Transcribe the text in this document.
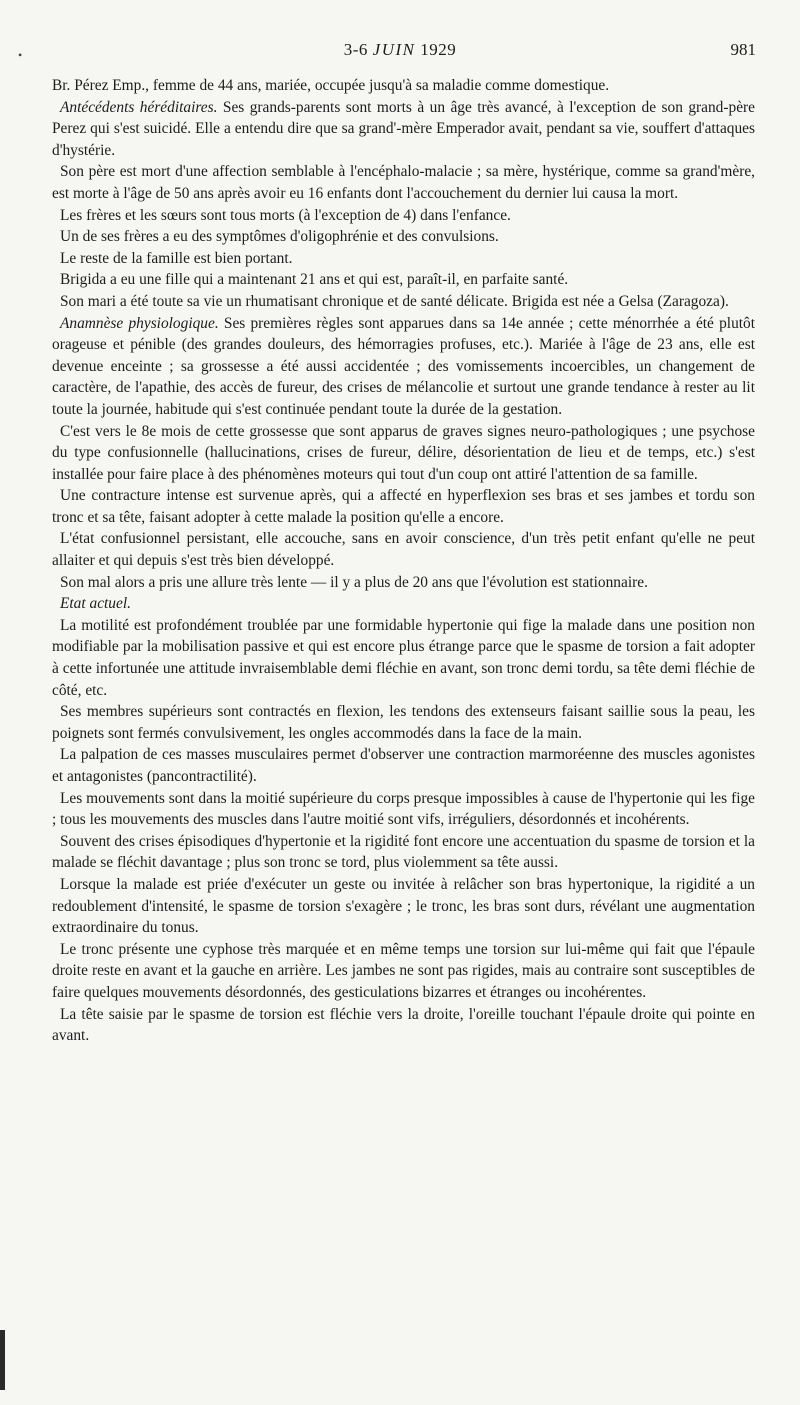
•	3-6 JUIN 1929	981

Br. Pérez Emp., femme de 44 ans, mariée, occupée jusqu'à sa maladie comme domestique.

Antécédents héréditaires. Ses grands-parents sont morts à un âge très avancé, à l'exception de son grand-père Perez qui s'est suicidé. Elle a entendu dire que sa grand'-mère Emperador avait, pendant sa vie, souffert d'attaques d'hystérie.

Son père est mort d'une affection semblable à l'encéphalo-malacie ; sa mère, hystérique, comme sa grand'mère, est morte à l'âge de 50 ans après avoir eu 16 enfants dont l'accouchement du dernier lui causa la mort.

Les frères et les sœurs sont tous morts (à l'exception de 4) dans l'enfance.

Un de ses frères a eu des symptômes d'oligophrénie et des convulsions.

Le reste de la famille est bien portant.

Brigida a eu une fille qui a maintenant 21 ans et qui est, paraît-il, en parfaite santé.

Son mari a été toute sa vie un rhumatisant chronique et de santé délicate. Brigida est née a Gelsa (Zaragoza).

Anamnèse physiologique. Ses premières règles sont apparues dans sa 14e année ; cette ménorrhée a été plutôt orageuse et pénible (des grandes douleurs, des hémorragies profuses, etc.). Mariée à l'âge de 23 ans, elle est devenue enceinte ; sa grossesse a été aussi accidentée ; des vomissements incoercibles, un changement de caractère, de l'apathie, des accès de fureur, des crises de mélancolie et surtout une grande tendance à rester au lit toute la journée, habitude qui s'est continuée pendant toute la durée de la gestation.

C'est vers le 8e mois de cette grossesse que sont apparus de graves signes neuro-pathologiques ; une psychose du type confusionnelle (hallucinations, crises de fureur, délire, désorientation de lieu et de temps, etc.) s'est installée pour faire place à des phénomènes moteurs qui tout d'un coup ont attiré l'attention de sa famille.

Une contracture intense est survenue après, qui a affecté en hyperflexion ses bras et ses jambes et tordu son tronc et sa tête, faisant adopter à cette malade la position qu'elle a encore.

L'état confusionnel persistant, elle accouche, sans en avoir conscience, d'un très petit enfant qu'elle ne peut allaiter et qui depuis s'est très bien développé.

Son mal alors a pris une allure très lente — il y a plus de 20 ans que l'évolution est stationnaire.

Etat actuel.

La motilité est profondément troublée par une formidable hypertonie qui fige la malade dans une position non modifiable par la mobilisation passive et qui est encore plus étrange parce que le spasme de torsion a fait adopter à cette infortunée une attitude invraisemblable demi fléchie en avant, son tronc demi tordu, sa tête demi fléchie de côté, etc.

Ses membres supérieurs sont contractés en flexion, les tendons des extenseurs faisant saillie sous la peau, les poignets sont fermés convulsivement, les ongles accommodés dans la face de la main.

La palpation de ces masses musculaires permet d'observer une contraction marmoréenne des muscles agonistes et antagonistes (pancontractilité).

Les mouvements sont dans la moitié supérieure du corps presque impossibles à cause de l'hypertonie qui les fige ; tous les mouvements des muscles dans l'autre moitié sont vifs, irréguliers, désordonnés et incohérents.

Souvent des crises épisodiques d'hypertonie et la rigidité font encore une accentuation du spasme de torsion et la malade se fléchit davantage ; plus son tronc se tord, plus violemment sa tête aussi.

Lorsque la malade est priée d'exécuter un geste ou invitée à relâcher son bras hypertonique, la rigidité a un redoublement d'intensité, le spasme de torsion s'exagère ; le tronc, les bras sont durs, révélant une augmentation extraordinaire du tonus.

Le tronc présente une cyphose très marquée et en même temps une torsion sur lui-même qui fait que l'épaule droite reste en avant et la gauche en arrière. Les jambes ne sont pas rigides, mais au contraire sont susceptibles de faire quelques mouvements désordonnés, des gesticulations bizarres et étranges ou incohérentes.

La tête saisie par le spasme de torsion est fléchie vers la droite, l'oreille touchant l'épaule droite qui pointe en avant.
